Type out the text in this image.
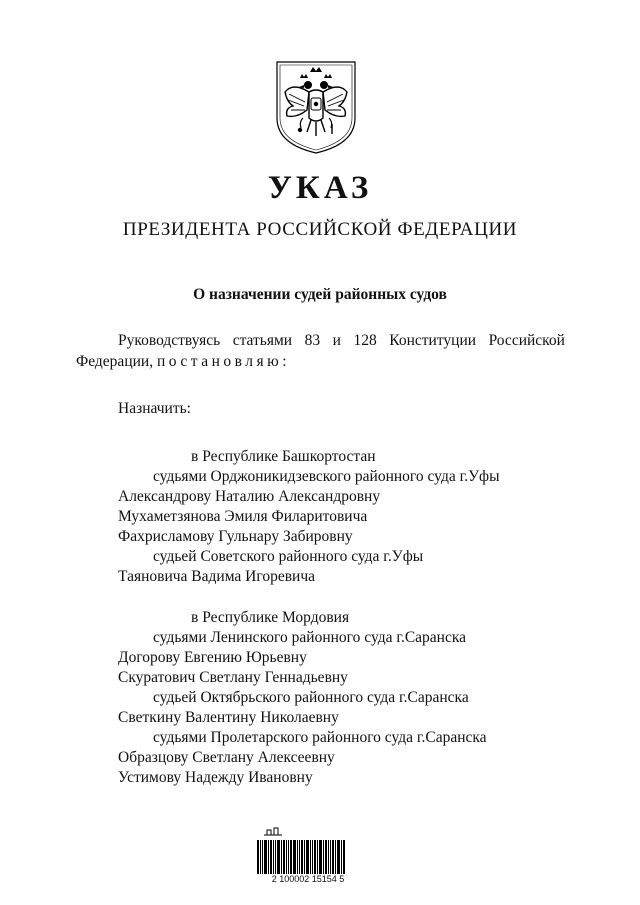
УКАЗ
ПРЕЗИДЕНТА РОССИЙСКОЙ ФЕДЕРАЦИИ
О назначении судей районных судов
Руководствуясь статьями 83 и 128 Конституции Российской
Федерации, постановляю:
Назначить:
в Республике Башкортостан
судьями Орджоникидзевского районного суда г.Уфы
Александрову Наталию Александровну
Мухаметзянова Эмиля Филаритовича
Фахрисламову Гульнару Забировну
судьей Советского районного суда г.Уфы
Таяновича Вадима Игоревича
в Республике Мордовия
судьями Ленинского районного суда г.Саранска
Догорову Евгению Юрьевну
Скуратович Светлану Геннадьевну
судьей Октябрьского районного суда г.Саранска
Светкину Валентину Николаевну
судьями Пролетарского районного суда г.Саранска
Образцову Светлану Алексеевну
Устимову Надежду Ивановну
2 100002 15154 5
